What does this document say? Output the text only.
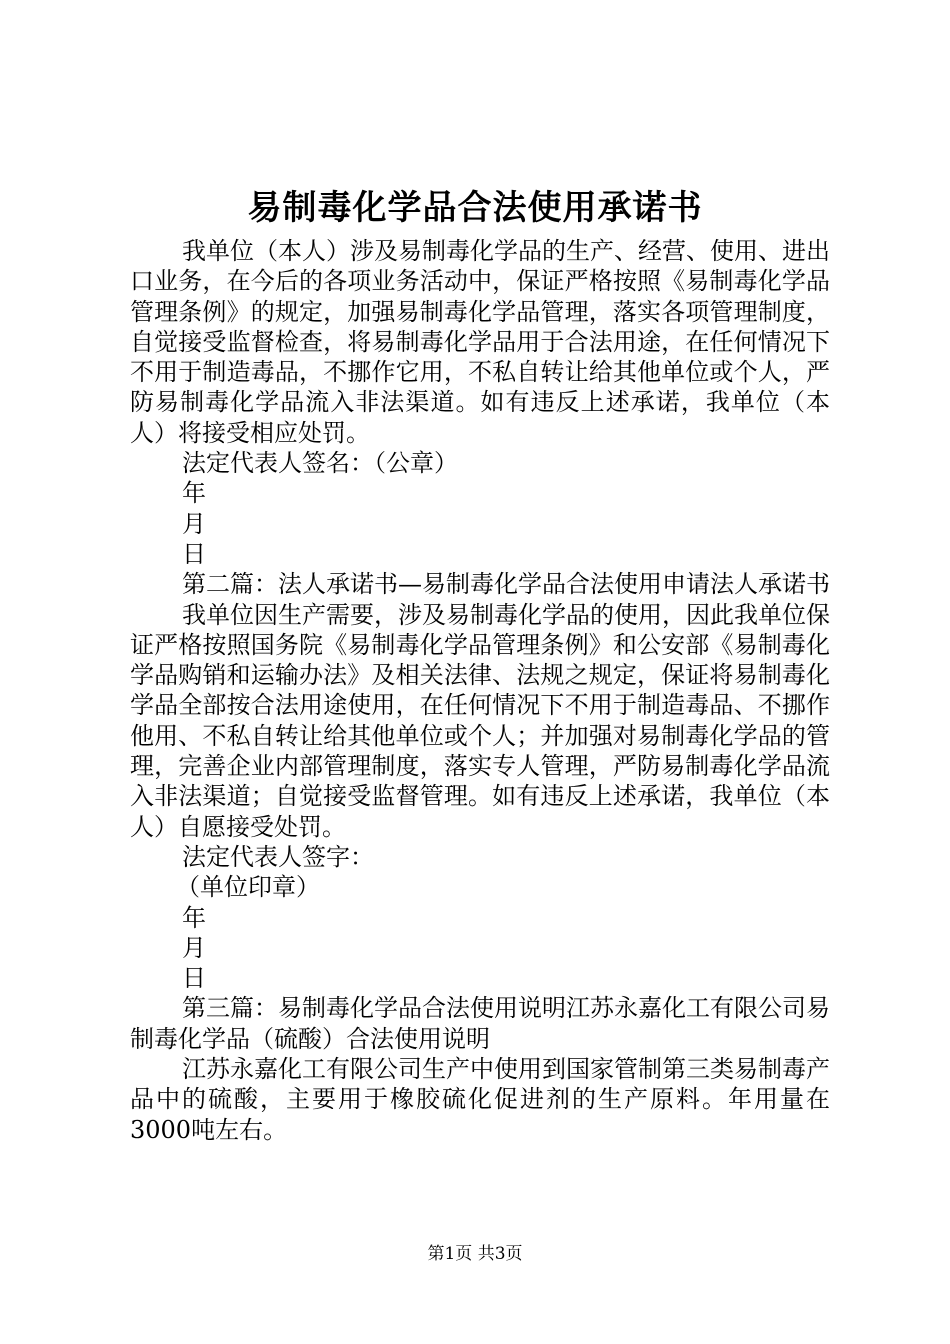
易制毒化学品合法使用承诺书

我单位（本人）涉及易制毒化学品的生产、经营、使用、进出口业务，在今后的各项业务活动中，保证严格按照《易制毒化学品管理条例》的规定，加强易制毒化学品管理，落实各项管理制度，自觉接受监督检查，将易制毒化学品用于合法用途，在任何情况下不用于制造毒品，不挪作它用，不私自转让给其他单位或个人，严防易制毒化学品流入非法渠道。如有违反上述承诺，我单位（本人）将接受相应处罚。

法定代表人签名：（公章）

年

月

日

第二篇：法人承诺书—易制毒化学品合法使用申请法人承诺书

我单位因生产需要，涉及易制毒化学品的使用，因此我单位保证严格按照国务院《易制毒化学品管理条例》和公安部《易制毒化学品购销和运输办法》及相关法律、法规之规定，保证将易制毒化学品全部按合法用途使用，在任何情况下不用于制造毒品、不挪作他用、不私自转让给其他单位或个人；并加强对易制毒化学品的管理，完善企业内部管理制度，落实专人管理，严防易制毒化学品流入非法渠道；自觉接受监督管理。如有违反上述承诺，我单位（本人）自愿接受处罚。

法定代表人签字：

（单位印章）

年

月

日

第三篇：易制毒化学品合法使用说明江苏永嘉化工有限公司易制毒化学品（硫酸）合法使用说明

江苏永嘉化工有限公司生产中使用到国家管制第三类易制毒产品中的硫酸，主要用于橡胶硫化促进剂的生产原料。年用量在3000吨左右。

第1页 共3页
